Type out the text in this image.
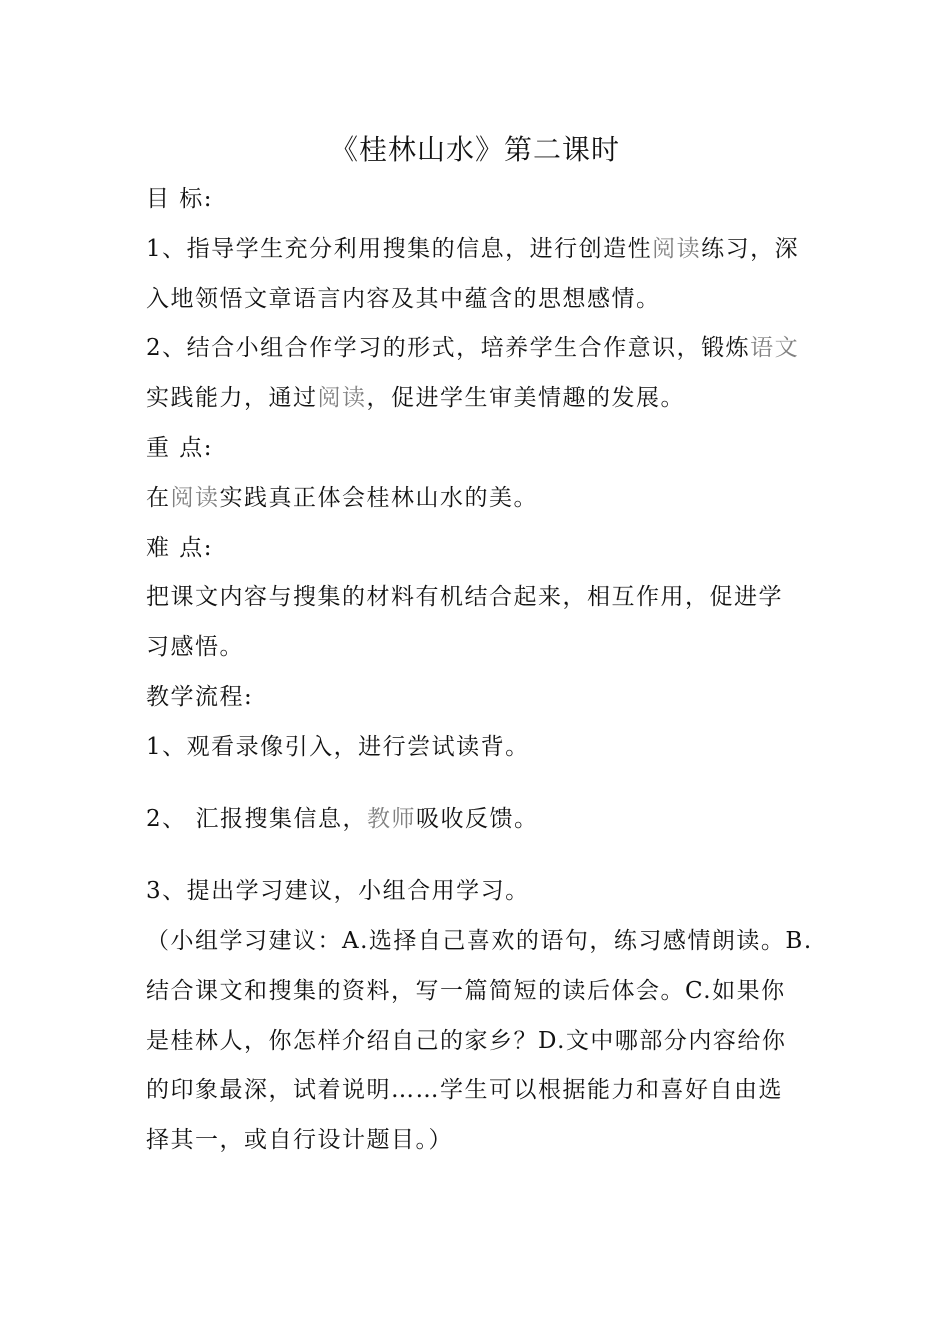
《桂林山水》第二课时
目 标:
1、指导学生充分利用搜集的信息，进行创造性阅读练习，深
入地领悟文章语言内容及其中蕴含的思想感情。
2、结合小组合作学习的形式，培养学生合作意识，锻炼语文
实践能力，通过阅读，促进学生审美情趣的发展。
重 点:
在阅读实践真正体会桂林山水的美。
难 点:
把课文内容与搜集的材料有机结合起来，相互作用，促进学
习感悟。
教学流程:
1、观看录像引入，进行尝试读背。
2、 汇报搜集信息，教师吸收反馈。
3、提出学习建议，小组合用学习。
（小组学习建议：A.选择自己喜欢的语句，练习感情朗读。B.
结合课文和搜集的资料，写一篇简短的读后体会。C.如果你
是桂林人，你怎样介绍自己的家乡？D.文中哪部分内容给你
的印象最深，试着说明……学生可以根据能力和喜好自由选
择其一，或自行设计题目。）
